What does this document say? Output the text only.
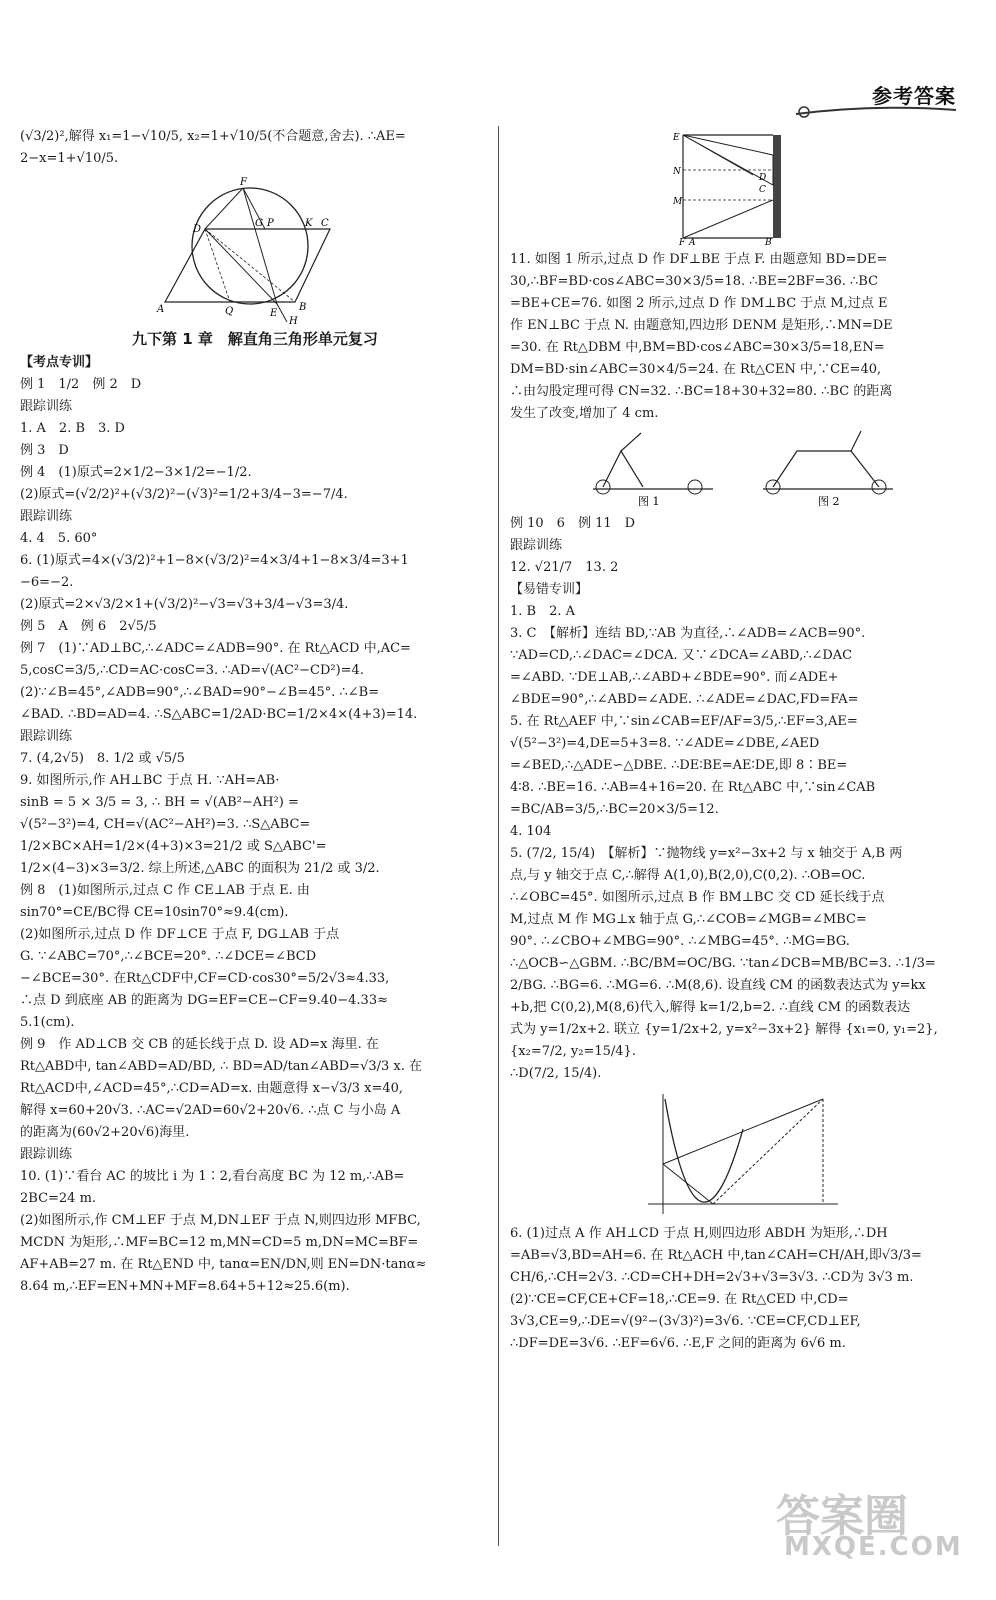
参考答案

(√3/2)²,解得 x₁=1−√10/5, x₂=1+√10/5(不合题意,舍去). ∴AE=

2−x=1+√10/5.

F
D
G P	K C
A	Q	E
B
H
九下第 1 章　解直角三角形单元复习

【考点专训】

例 1　1/2　例 2　D

跟踪训练

1. A　2. B　3. D

例 3　D

例 4　(1)原式=2×1/2−3×1/2=−1/2.

(2)原式=(√2/2)²+(√3/2)²−(√3)²=1/2+3/4−3=−7/4.

跟踪训练

4. 4　5. 60°

6. (1)原式=4×(√3/2)²+1−8×(√3/2)²=4×3/4+1−8×3/4=3+1

−6=−2.

(2)原式=2×√3/2×1+(√3/2)²−√3=√3+3/4−√3=3/4.

例 5　A　例 6　2√5/5

例 7　(1)∵AD⊥BC,∴∠ADC=∠ADB=90°. 在 Rt△ACD 中,AC=

5,cosC=3/5,∴CD=AC·cosC=3. ∴AD=√(AC²−CD²)=4.

(2)∵∠B=45°,∠ADB=90°,∴∠BAD=90°−∠B=45°. ∴∠B=

∠BAD. ∴BD=AD=4. ∴S△ABC=1/2AD·BC=1/2×4×(4+3)=14.

跟踪训练

7. (4,2√5)　8. 1/2 或 √5/5

9. 如图所示,作 AH⊥BC 于点 H. ∵AH=AB·

sinB = 5 × 3/5 = 3, ∴ BH = √(AB²−AH²) =

√(5²−3²)=4, CH=√(AC²−AH²)=3. ∴S△ABC=

1/2×BC×AH=1/2×(4+3)×3=21/2 或 S△ABC'=

1/2×(4−3)×3=3/2. 综上所述,△ABC 的面积为 21/2 或 3/2.

例 8　(1)如图所示,过点 C 作 CE⊥AB 于点 E. 由

sin70°=CE/BC得 CE=10sin70°≈9.4(cm).

(2)如图所示,过点 D 作 DF⊥CE 于点 F, DG⊥AB 于点

G. ∵∠ABC=70°,∴∠BCE=20°. ∴∠DCE=∠BCD

−∠BCE=30°. 在Rt△CDF中,CF=CD·cos30°=5/2√3≈4.33,

∴点 D 到底座 AB 的距离为 DG=EF=CE−CF=9.40−4.33≈

5.1(cm).

例 9　作 AD⊥CB 交 CB 的延长线于点 D. 设 AD=x 海里. 在

Rt△ABD中, tan∠ABD=AD/BD, ∴ BD=AD/tan∠ABD=√3/3 x. 在

Rt△ACD中,∠ACD=45°,∴CD=AD=x. 由题意得 x−√3/3 x=40,

解得 x=60+20√3. ∴AC=√2AD=60√2+20√6. ∴点 C 与小岛 A

的距离为(60√2+20√6)海里.

跟踪训练

10. (1)∵看台 AC 的坡比 i 为 1∶2,看台高度 BC 为 12 m,∴AB=

2BC=24 m.

(2)如图所示,作 CM⊥EF 于点 M,DN⊥EF 于点 N,则四边形 MFBC,

MCDN 为矩形,∴MF=BC=12 m,MN=CD=5 m,DN=MC=BF=

AF+AB=27 m. 在 Rt△END 中, tanα=EN/DN,则 EN=DN·tanα≈

8.64 m,∴EF=EN+MN+MF=8.64+5+12≈25.6(m).

E
N
M
F A	B
D
C

11. 如图 1 所示,过点 D 作 DF⊥BE 于点 F. 由题意知 BD=DE=

30,∴BF=BD·cos∠ABC=30×3/5=18. ∴BE=2BF=36. ∴BC

=BE+CE=76. 如图 2 所示,过点 D 作 DM⊥BC 于点 M,过点 E

作 EN⊥BC 于点 N. 由题意知,四边形 DENM 是矩形,∴MN=DE

=30. 在 Rt△DBM 中,BM=BD·cos∠ABC=30×3/5=18,EN=

DM=BD·sin∠ABC=30×4/5=24. 在 Rt△CEN 中,∵CE=40,

∴由勾股定理可得 CN=32. ∴BC=18+30+32=80. ∴BC 的距离

发生了改变,增加了 4 cm.

图 1	图 2

例 10　6　例 11　D

跟踪训练

12. √21/7　13. 2

【易错专训】

1. B　2. A

3. C　【解析】连结 BD,∵AB 为直径,∴∠ADB=∠ACB=90°.

∵AD=CD,∴∠DAC=∠DCA. 又∵∠DCA=∠ABD,∴∠DAC

=∠ABD. ∵DE⊥AB,∴∠ABD+∠BDE=90°. 而∠ADE+

∠BDE=90°,∴∠ABD=∠ADE. ∴∠ADE=∠DAC,FD=FA=

5. 在 Rt△AEF 中,∵sin∠CAB=EF/AF=3/5,∴EF=3,AE=

√(5²−3²)=4,DE=5+3=8. ∵∠ADE=∠DBE,∠AED

=∠BED,∴△ADE∽△DBE. ∴DE∶BE=AE∶DE,即 8∶BE=

4∶8. ∴BE=16. ∴AB=4+16=20. 在 Rt△ABC 中,∵sin∠CAB

=BC/AB=3/5,∴BC=20×3/5=12.

4. 104

5. (7/2, 15/4)　【解析】∵抛物线 y=x²−3x+2 与 x 轴交于 A,B 两

点,与 y 轴交于点 C,∴解得 A(1,0),B(2,0),C(0,2). ∴OB=OC.

∴∠OBC=45°. 如图所示,过点 B 作 BM⊥BC 交 CD 延长线于点

M,过点 M 作 MG⊥x 轴于点 G,∴∠COB=∠MGB=∠MBC=

90°. ∴∠CBO+∠MBG=90°. ∴∠MBG=45°. ∴MG=BG.

∴△OCB∽△GBM. ∴BC/BM=OC/BG. ∵tan∠DCB=MB/BC=3. ∴1/3=

2/BG. ∴BG=6. ∴MG=6. ∴M(8,6). 设直线 CM 的函数表达式为 y=kx

+b,把 C(0,2),M(8,6)代入,解得 k=1/2,b=2. ∴直线 CM 的函数表达

式为 y=1/2x+2. 联立 {y=1/2x+2, y=x²−3x+2} 解得 {x₁=0, y₁=2}, {x₂=7/2, y₂=15/4}.

∴D(7/2, 15/4).

6. (1)过点 A 作 AH⊥CD 于点 H,则四边形 ABDH 为矩形,∴DH

=AB=√3,BD=AH=6. 在 Rt△ACH 中,tan∠CAH=CH/AH,即√3/3=

CH/6,∴CH=2√3. ∴CD=CH+DH=2√3+√3=3√3. ∴CD为 3√3 m.

(2)∵CE=CF,CE+CF=18,∴CE=9. 在 Rt△CED 中,CD=

3√3,CE=9,∴DE=√(9²−(3√3)²)=3√6. ∵CE=CF,CD⊥EF,

∴DF=DE=3√6. ∴EF=6√6. ∴E,F 之间的距离为 6√6 m.

答案圈
MXQE.COM
